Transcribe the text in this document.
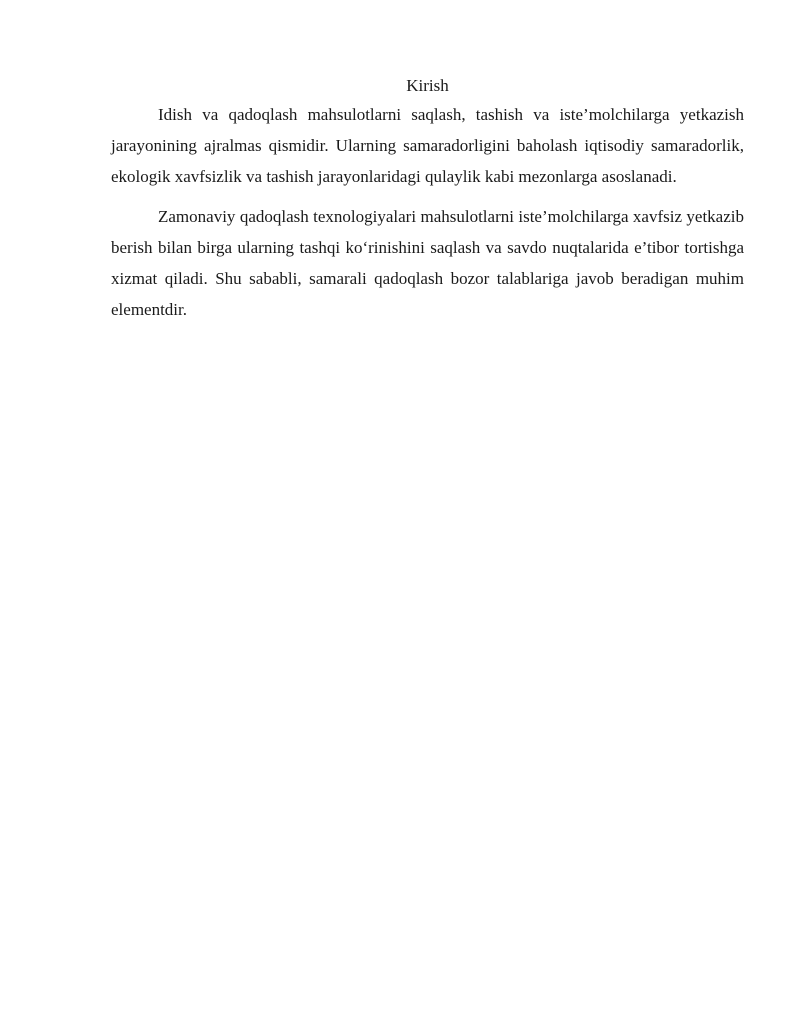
Kirish

Idish va qadoqlash mahsulotlarni saqlash, tashish va iste’molchilarga yetkazish jarayonining ajralmas qismidir. Ularning samaradorligini baholash iqtisodiy samaradorlik, ekologik xavfsizlik va tashish jarayonlaridagi qulaylik kabi mezonlarga asoslanadi.

Zamonaviy qadoqlash texnologiyalari mahsulotlarni iste’molchilarga xavfsiz yetkazib berish bilan birga ularning tashqi koʻrinishini saqlash va savdo nuqtalarida e’tibor tortishga xizmat qiladi. Shu sababli, samarali qadoqlash bozor talablariga javob beradigan muhim elementdir.
